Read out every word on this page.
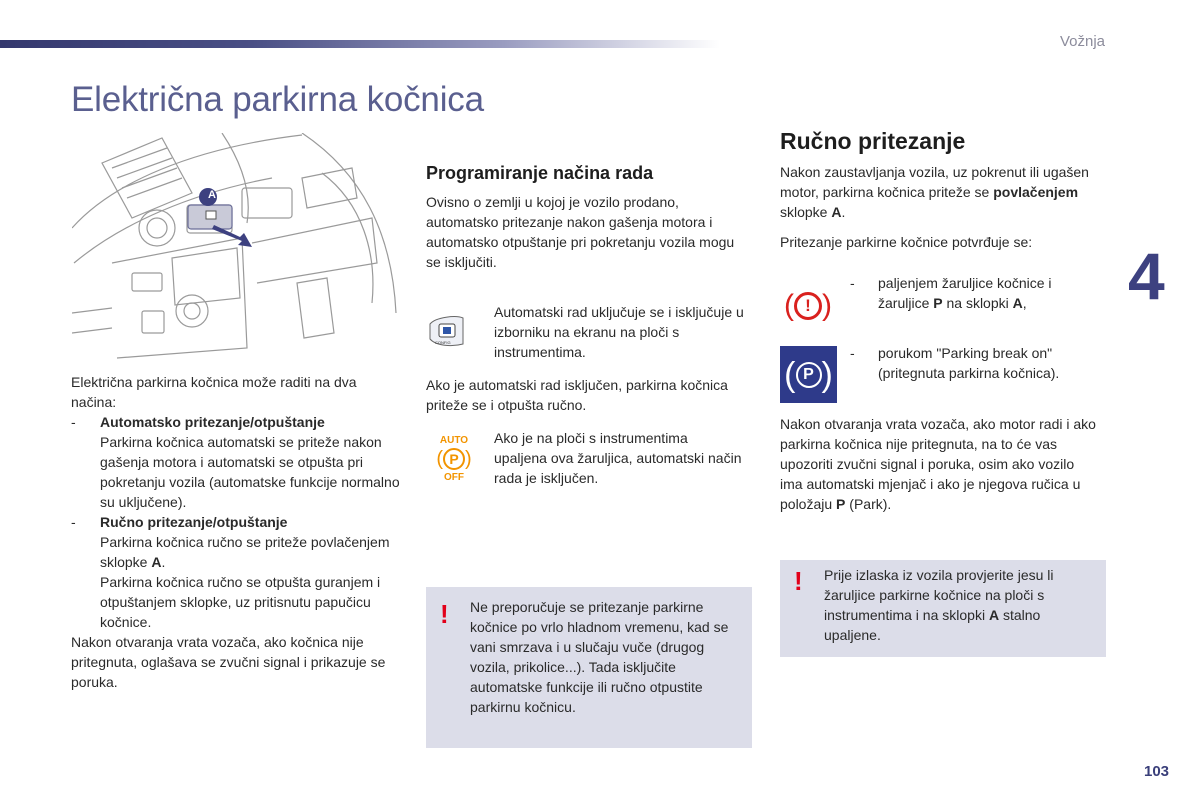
Vožnja
4
Električna parkirna kočnica
A
Električna parkirna kočnica može raditi na dva načina:
- Automatsko pritezanje/otpuštanje
Parkirna kočnica automatski se priteže nakon gašenja motora i automatski se otpušta pri pokretanju vozila (automatske funkcije normalno su uključene).
- Ručno pritezanje/otpuštanje
Parkirna kočnica ručno se priteže povlačenjem sklopke A.
Parkirna kočnica ručno se otpušta guranjem i otpuštanjem sklopke, uz pritisnutu papučicu kočnice.
Nakon otvaranja vrata vozača, ako kočnica nije pritegnuta, oglašava se zvučni signal i prikazuje se poruka.
Programiranje načina rada
Ovisno o zemlji u kojoj je vozilo prodano, automatsko pritezanje nakon gašenja motora i automatsko otpuštanje pri pokretanju vozila mogu se isključiti.
CONFIG
Automatski rad uključuje se i isključuje u izborniku na ekranu na ploči s instrumentima.
Ako je automatski rad isključen, parkirna kočnica priteže se i otpušta ručno.
AUTO
( P )
OFF
Ako je na ploči s instrumentima upaljena ova žaruljica, automatski način rada je isključen.
! Ne preporučuje se pritezanje parkirne kočnice po vrlo hladnom vremenu, kad se vani smrzava i u slučaju vuče (drugog vozila, prikolice...). Tada isključite automatske funkcije ili ručno otpustite parkirnu kočnicu.
Ručno pritezanje
Nakon zaustavljanja vozila, uz pokrenut ili ugašen motor, parkirna kočnica priteže se povlačenjem sklopke A.
Pritezanje parkirne kočnice potvrđuje se:
( ! )
-	paljenjem žaruljice kočnice i žaruljice P na sklopki A,
( P )
-	porukom "Parking break on" (pritegnuta parkirna kočnica).
Nakon otvaranja vrata vozača, ako motor radi i ako parkirna kočnica nije pritegnuta, na to će vas upozoriti zvučni signal i poruka, osim ako vozilo ima automatski mjenjač i ako je njegova ručica u položaju P (Park).
! Prije izlaska iz vozila provjerite jesu li žaruljice parkirne kočnice na ploči s instrumentima i na sklopki A stalno upaljene.
103
